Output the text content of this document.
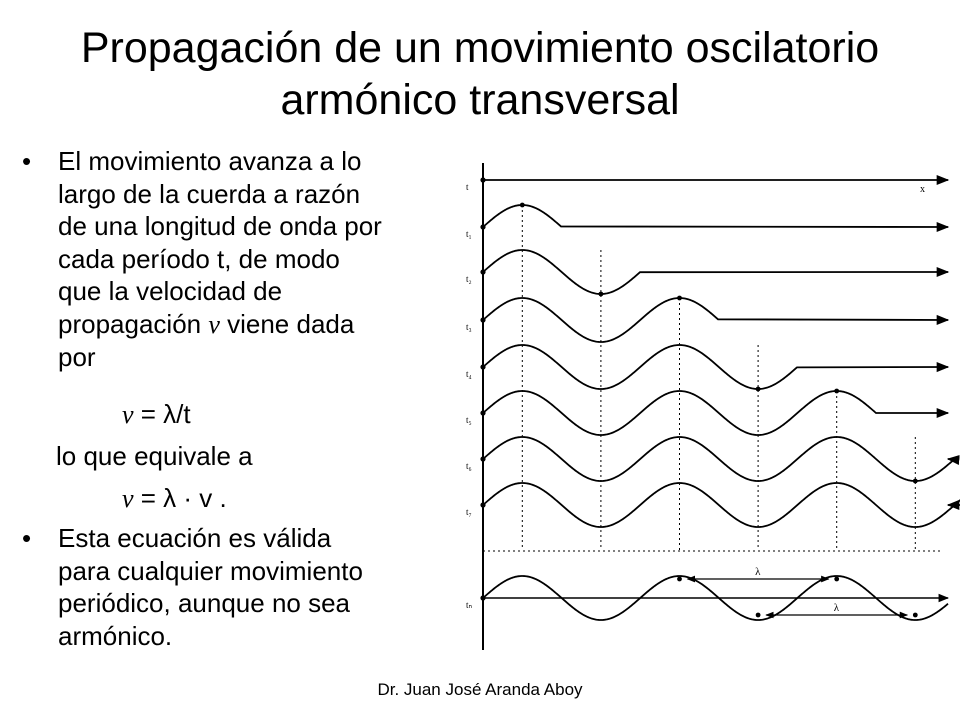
Propagación de un movimiento oscilatorio armónico transversal
• El movimiento avanza a lo
largo de la cuerda a razón
de una longitud de onda por
cada período t, de modo
que la velocidad de
propagación ν viene dada
por
ν = λ/t
lo que equivale a
ν = λ · v .
• Esta ecuación es válida
para cualquier movimiento
periódico, aunque no sea
armónico.
t
t₁
t₂
t₃
t₄
t₅
t₆
t₇
tₙ
x
λ
λ
Dr. Juan José Aranda Aboy
